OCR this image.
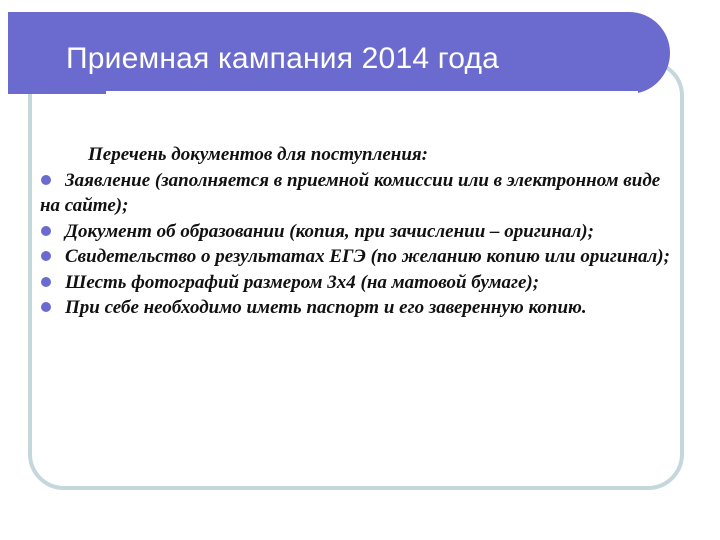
Приемная кампания 2014 года

Перечень документов для поступления:

Заявление (заполняется в приемной комиссии или в электронном виде на сайте);

Документ об образовании (копия, при зачислении – оригинал);

Свидетельство о результатах ЕГЭ (по желанию копию или оригинал);

Шесть фотографий размером 3х4 (на матовой бумаге);

При себе необходимо иметь паспорт и его заверенную копию.
